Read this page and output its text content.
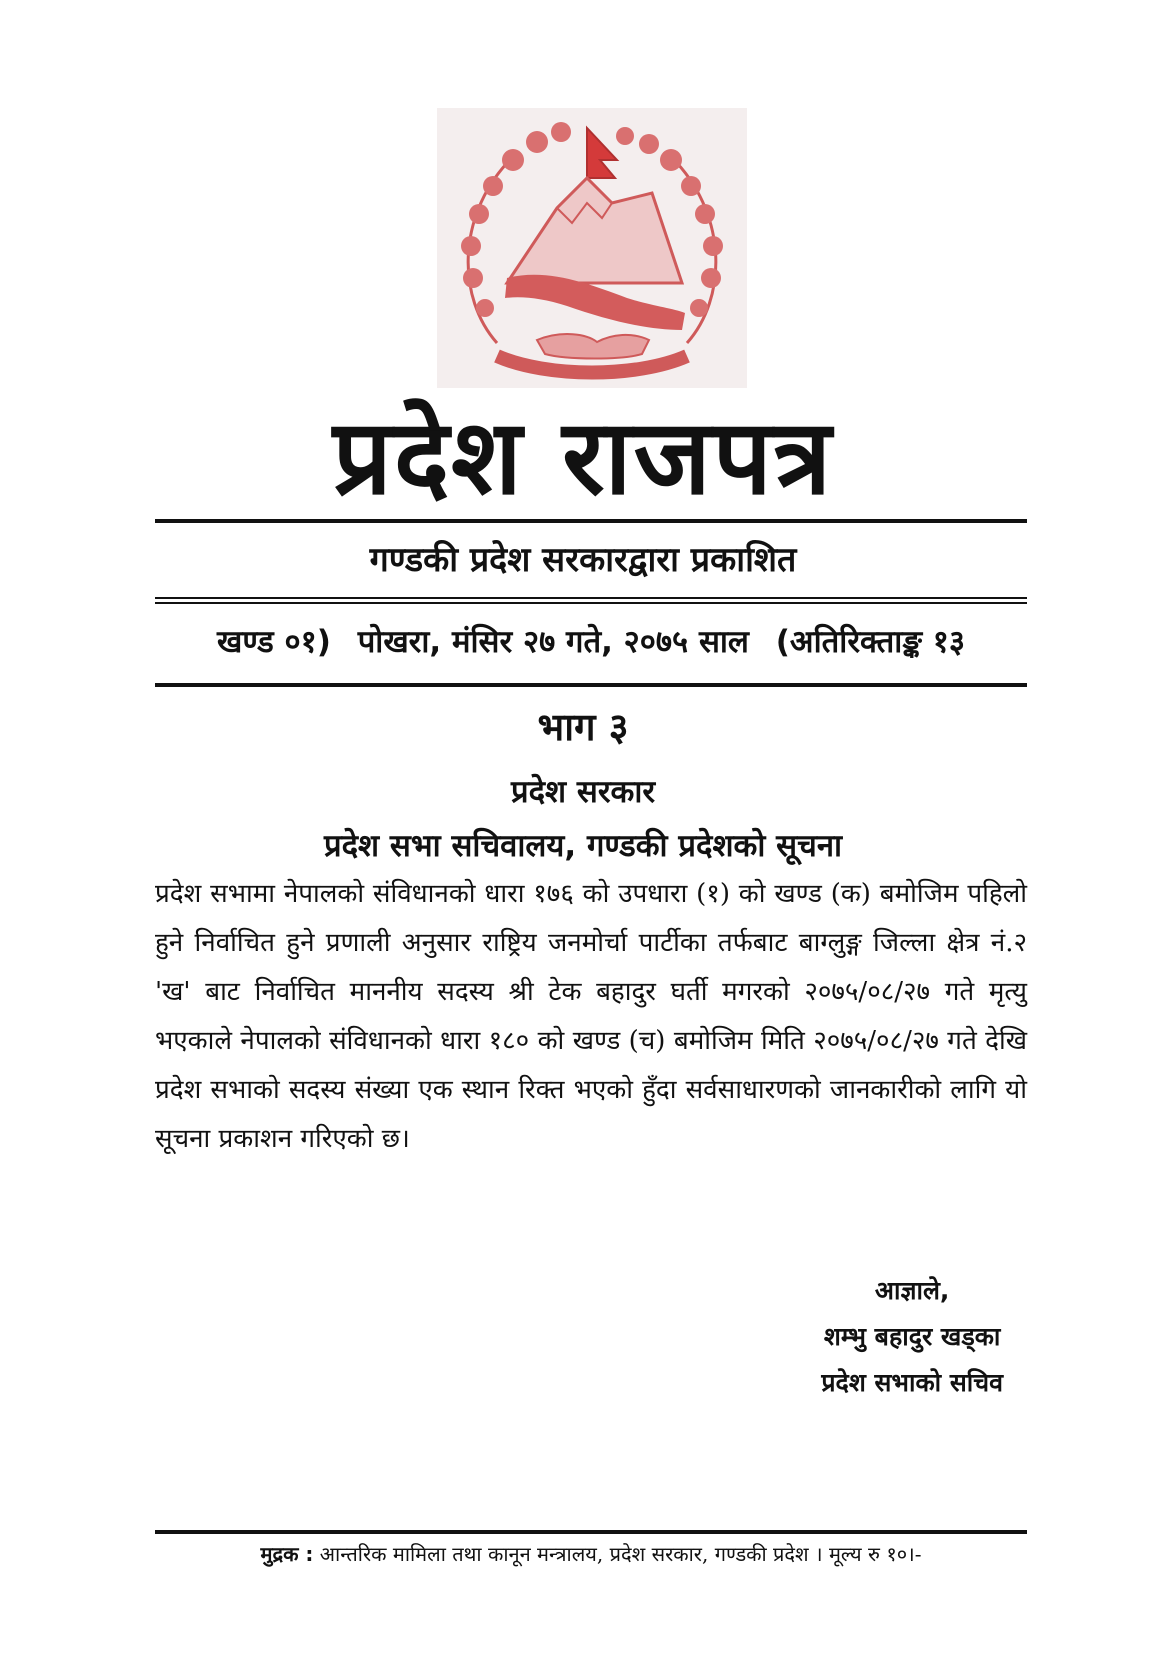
प्रदेश राजपत्र
गण्डकी प्रदेश सरकारद्वारा प्रकाशित
खण्ड ०१) पोखरा, मंसिर २७ गते, २०७५ साल (अतिरिक्ताङ्क १३
भाग ३
प्रदेश सरकार
प्रदेश सभा सचिवालय, गण्डकी प्रदेशको सूचना
प्रदेश सभामा नेपालको संविधानको धारा १७६ को उपधारा (१) को खण्ड (क) बमोजिम पहिलो हुने निर्वाचित हुने प्रणाली अनुसार राष्ट्रिय जनमोर्चा पार्टीका तर्फबाट बाग्लुङ्ग जिल्ला क्षेत्र नं.२ 'ख' बाट निर्वाचित माननीय सदस्य श्री टेक बहादुर घर्ती मगरको २०७५/०८/२७ गते मृत्यु भएकाले नेपालको संविधानको धारा १८० को खण्ड (च) बमोजिम मिति २०७५/०८/२७ गते देखि प्रदेश सभाको सदस्य संख्या एक स्थान रिक्त भएको हुँदा सर्वसाधारणको जानकारीको लागि यो सूचना प्रकाशन गरिएको छ।
आज्ञाले,
शम्भु बहादुर खड्का
प्रदेश सभाको सचिव
मुद्रक : आन्तरिक मामिला तथा कानून मन्त्रालय, प्रदेश सरकार, गण्डकी प्रदेश । मूल्य रु १०।-
